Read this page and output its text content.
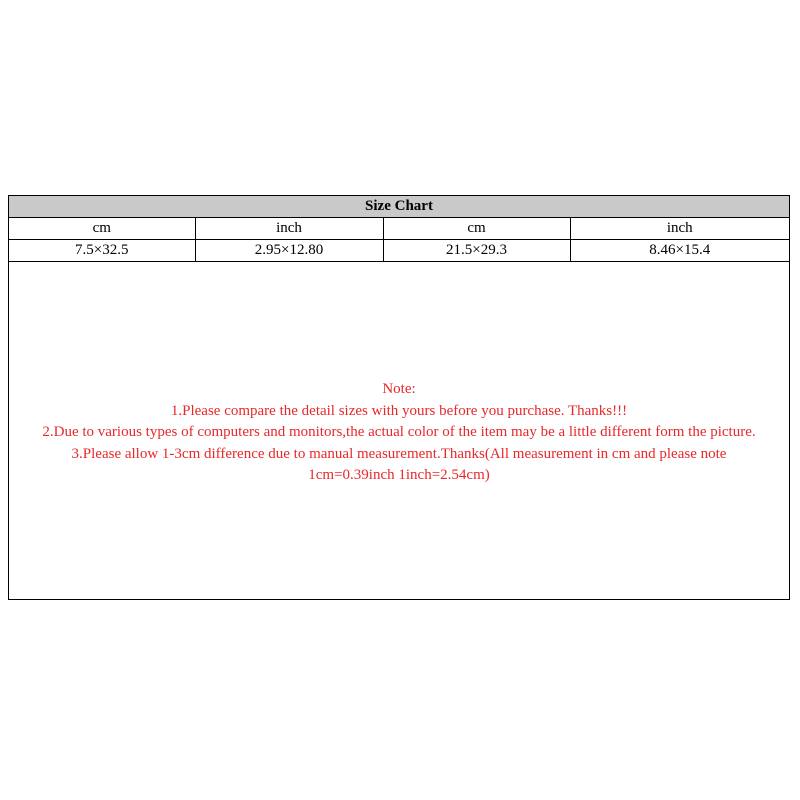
Size Chart			
cm	inch	cm	inch
7.5×32.5	2.95×12.80	21.5×29.3	8.46×15.4
Note:
1.Please compare the detail sizes with yours before you purchase. Thanks!!!
2.Due to various types of computers and monitors,the actual color of the item may be a little different form the picture.
3.Please allow 1-3cm difference due to manual measurement.Thanks(All measurement in cm and please note
1cm=0.39inch 1inch=2.54cm)
